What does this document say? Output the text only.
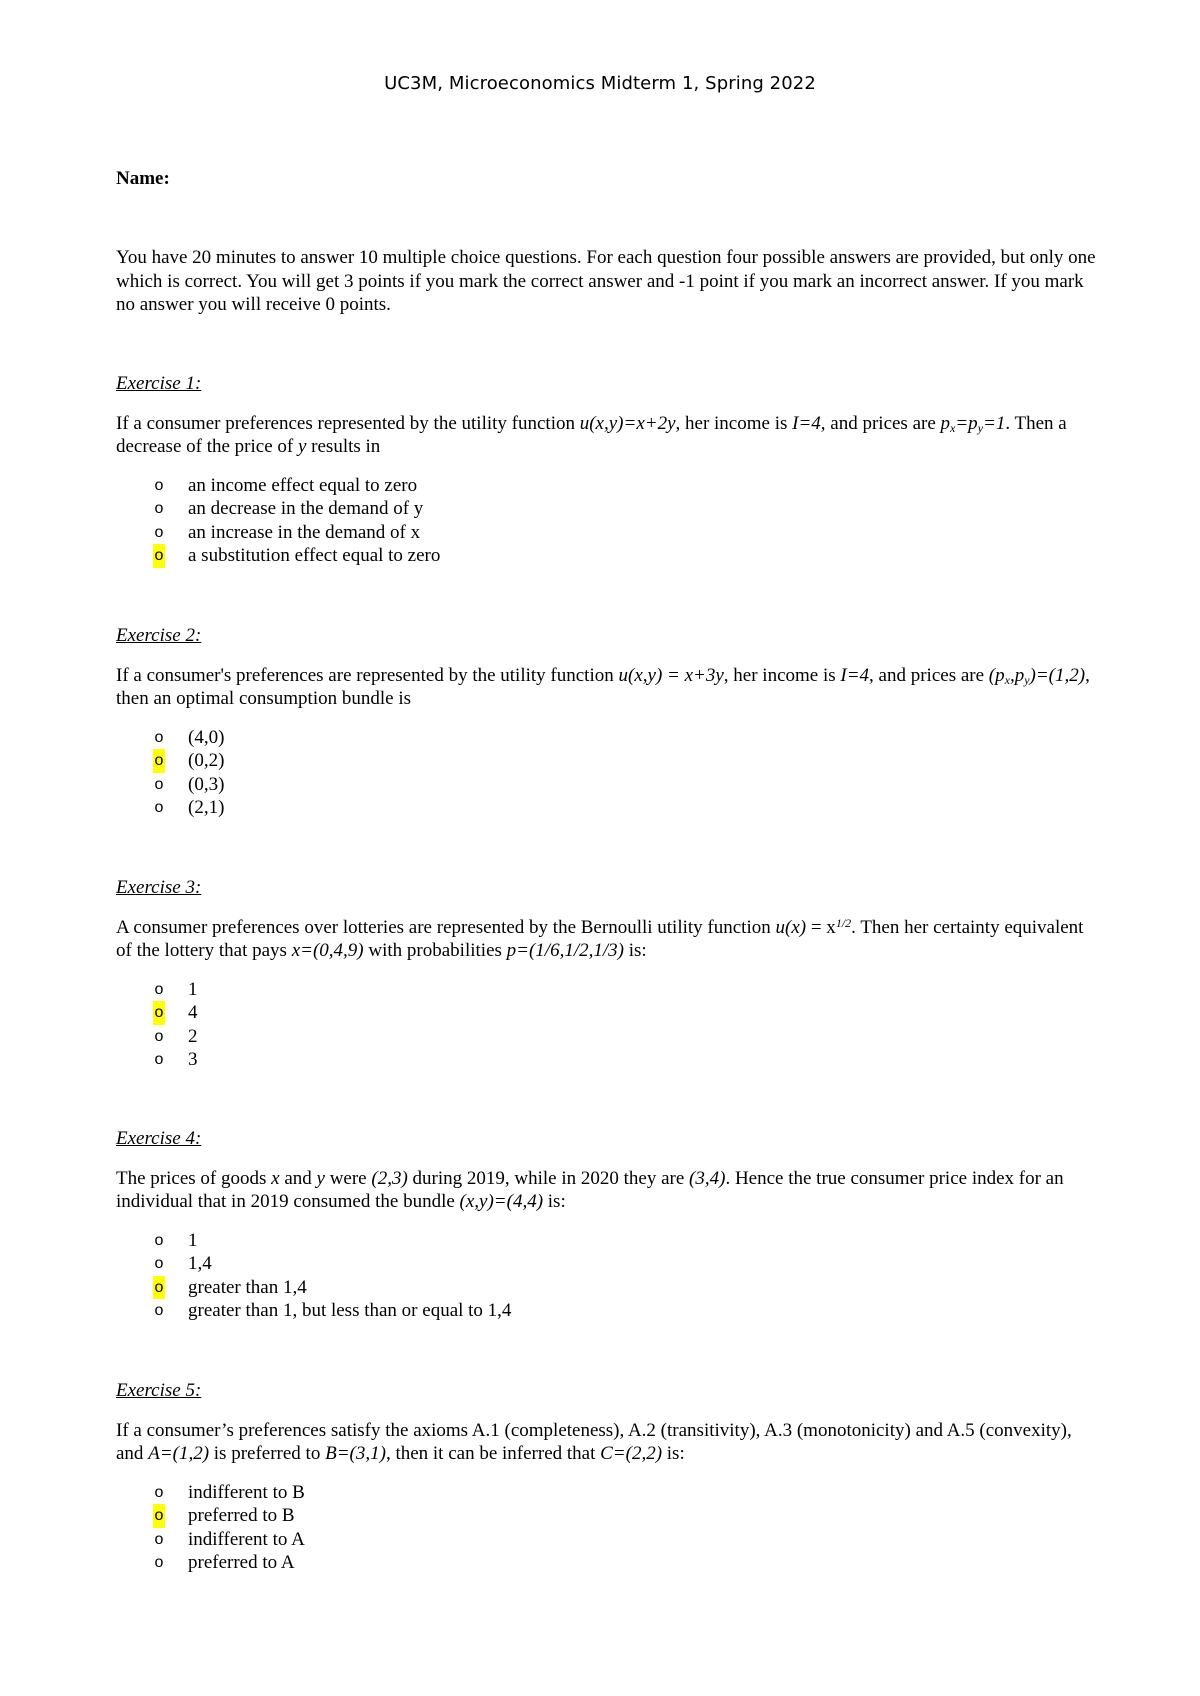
UC3M, Microeconomics Midterm 1, Spring 2022
Name:
You have 20 minutes to answer 10 multiple choice questions. For each question four possible answers are provided, but only one which is correct. You will get 3 points if you mark the correct answer and -1 point if you mark an incorrect answer. If you mark no answer you will receive 0 points.

Exercise 1:

If a consumer preferences represented by the utility function u(x,y)=x+2y, her income is I=4, and prices are $p_x=p_y=1$. Then a decrease of the price of y results in

o an income effect equal to zero
o an decrease in the demand of y
o an increase in the demand of x
o a substitution effect equal to zero

Exercise 2:

If a consumer's preferences are represented by the utility function u(x,y) = x+3y, her income is I=4, and prices are $(p_x,p_y)=(1,2)$, then an optimal consumption bundle is

o (4,0)
o (0,2)
o (0,3)
o (2,1)

Exercise 3:

A consumer preferences over lotteries are represented by the Bernoulli utility function $u(x) = x^{1/2}$. Then her certainty equivalent of the lottery that pays x=(0,4,9) with probabilities p=(1/6,1/2,1/3) is:

o 1
o 4
o 2
o 3

Exercise 4:

The prices of goods x and y were (2,3) during 2019, while in 2020 they are (3,4). Hence the true consumer price index for an individual that in 2019 consumed the bundle (x,y)=(4,4) is:

o 1
o 1,4
o greater than 1,4
o greater than 1, but less than or equal to 1,4

Exercise 5:

If a consumer’s preferences satisfy the axioms A.1 (completeness), A.2 (transitivity), A.3 (monotonicity) and A.5 (convexity), and A=(1,2) is preferred to B=(3,1), then it can be inferred that C=(2,2) is:

o indifferent to B
o preferred to B
o indifferent to A
o preferred to A
